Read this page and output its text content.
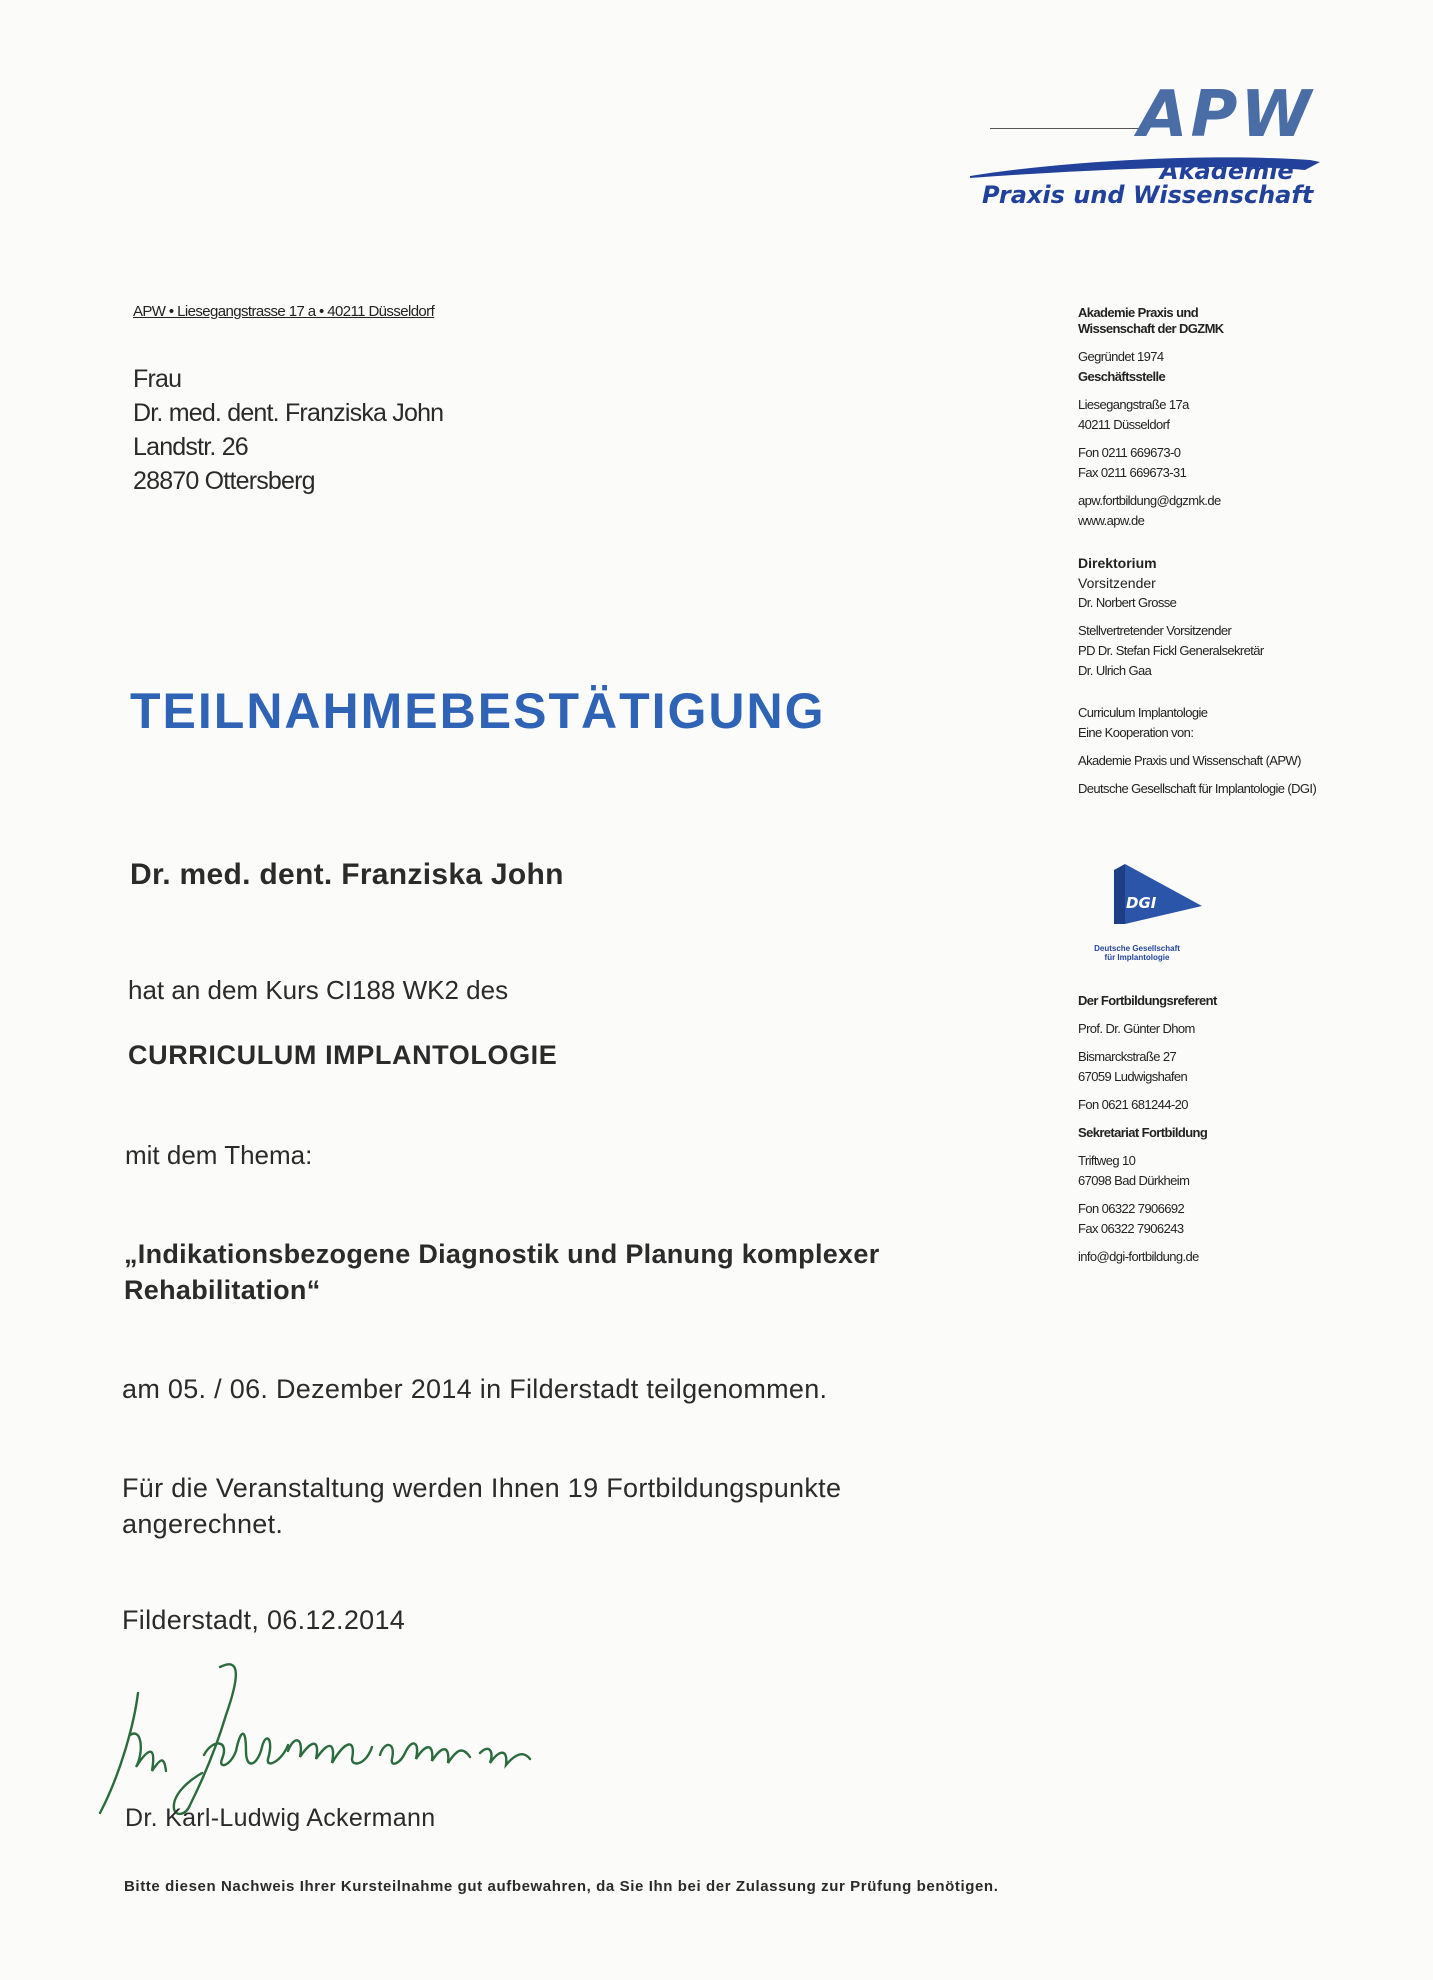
APW
Akademie
Praxis und Wissenschaft
APW • Liesegangstrasse 17 a • 40211 Düsseldorf
Frau
Dr. med. dent. Franziska John
Landstr. 26
28870 Ottersberg
Akademie Praxis und
Wissenschaft der DGZMK
Gegründet 1974
Geschäftsstelle
Liesegangstraße 17a
40211 Düsseldorf
Fon 0211 669673-0
Fax 0211 669673-31
apw.fortbildung@dgzmk.de
www.apw.de
Direktorium
Vorsitzender
Dr. Norbert Grosse
Stellvertretender Vorsitzender
PD Dr. Stefan Fickl Generalsekretär
Dr. Ulrich Gaa
Curriculum Implantologie
Eine Kooperation von:
Akademie Praxis und Wissenschaft (APW)
Deutsche Gesellschaft für Implantologie (DGI)
Der Fortbildungsreferent
Prof. Dr. Günter Dhom
Bismarckstraße 27
67059 Ludwigshafen
Fon 0621 681244-20
Sekretariat Fortbildung
Triftweg 10
67098 Bad Dürkheim
Fon 06322 7906692
Fax 06322 7906243
info@dgi-fortbildung.de
DGI
Deutsche Gesellschaft
für Implantologie
TEILNAHMEBESTÄTIGUNG
Dr. med. dent. Franziska John
hat an dem Kurs CI188 WK2 des
CURRICULUM IMPLANTOLOGIE
mit dem Thema:
„Indikationsbezogene Diagnostik und Planung komplexer Rehabilitation“
am 05. / 06. Dezember 2014 in Filderstadt teilgenommen.
Für die Veranstaltung werden Ihnen 19 Fortbildungspunkte angerechnet.
Filderstadt, 06.12.2014
Dr. Karl-Ludwig Ackermann
Bitte diesen Nachweis Ihrer Kursteilnahme gut aufbewahren, da Sie Ihn bei der Zulassung zur Prüfung benötigen.
